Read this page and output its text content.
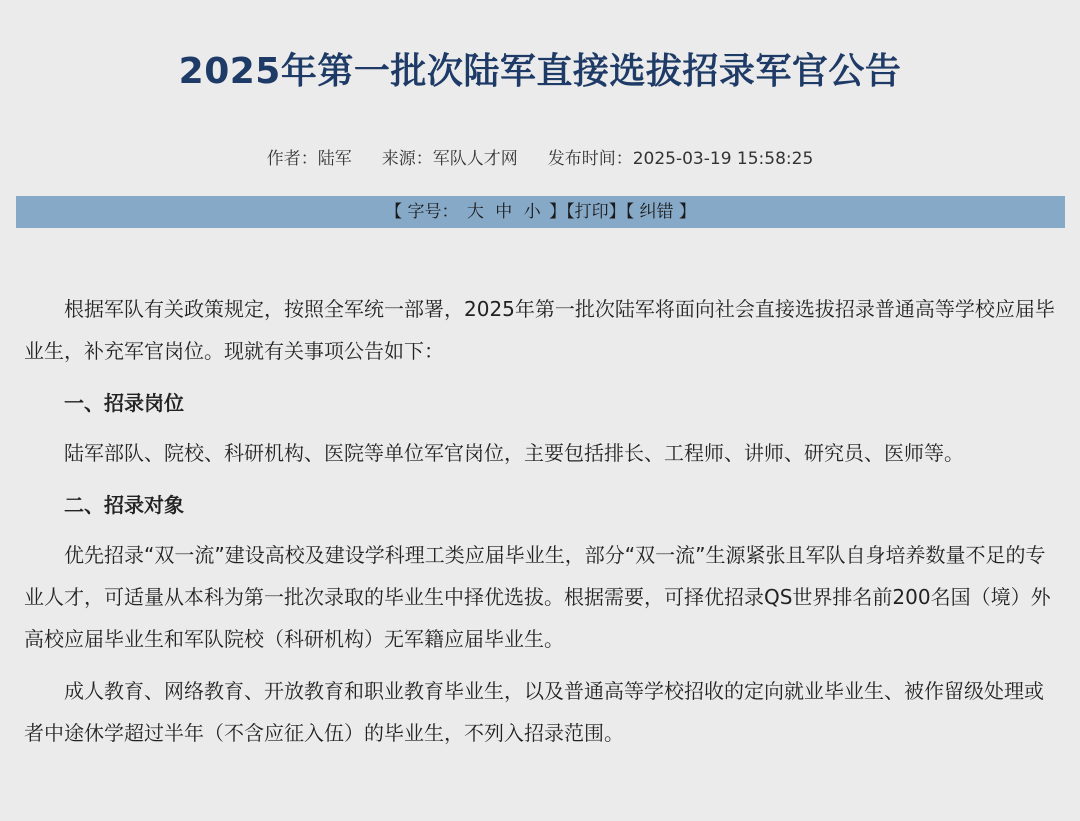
2025年第一批次陆军直接选拔招录军官公告
作者：陆军 来源：军队人才网 发布时间：2025-03-19 15:58:25
【 字号： 大 中 小 】【打印】【 纠错 】

根据军队有关政策规定，按照全军统一部署，2025年第一批次陆军将面向社会直接选拔招录普通高等学校应届毕业生，补充军官岗位。现就有关事项公告如下：

一、招录岗位

陆军部队、院校、科研机构、医院等单位军官岗位，主要包括排长、工程师、讲师、研究员、医师等。

二、招录对象

优先招录“双一流”建设高校及建设学科理工类应届毕业生，部分“双一流”生源紧张且军队自身培养数量不足的专业人才，可适量从本科为第一批次录取的毕业生中择优选拔。根据需要，可择优招录QS世界排名前200名国（境）外高校应届毕业生和军队院校（科研机构）无军籍应届毕业生。

成人教育、网络教育、开放教育和职业教育毕业生，以及普通高等学校招收的定向就业毕业生、被作留级处理或者中途休学超过半年（不含应征入伍）的毕业生，不列入招录范围。
